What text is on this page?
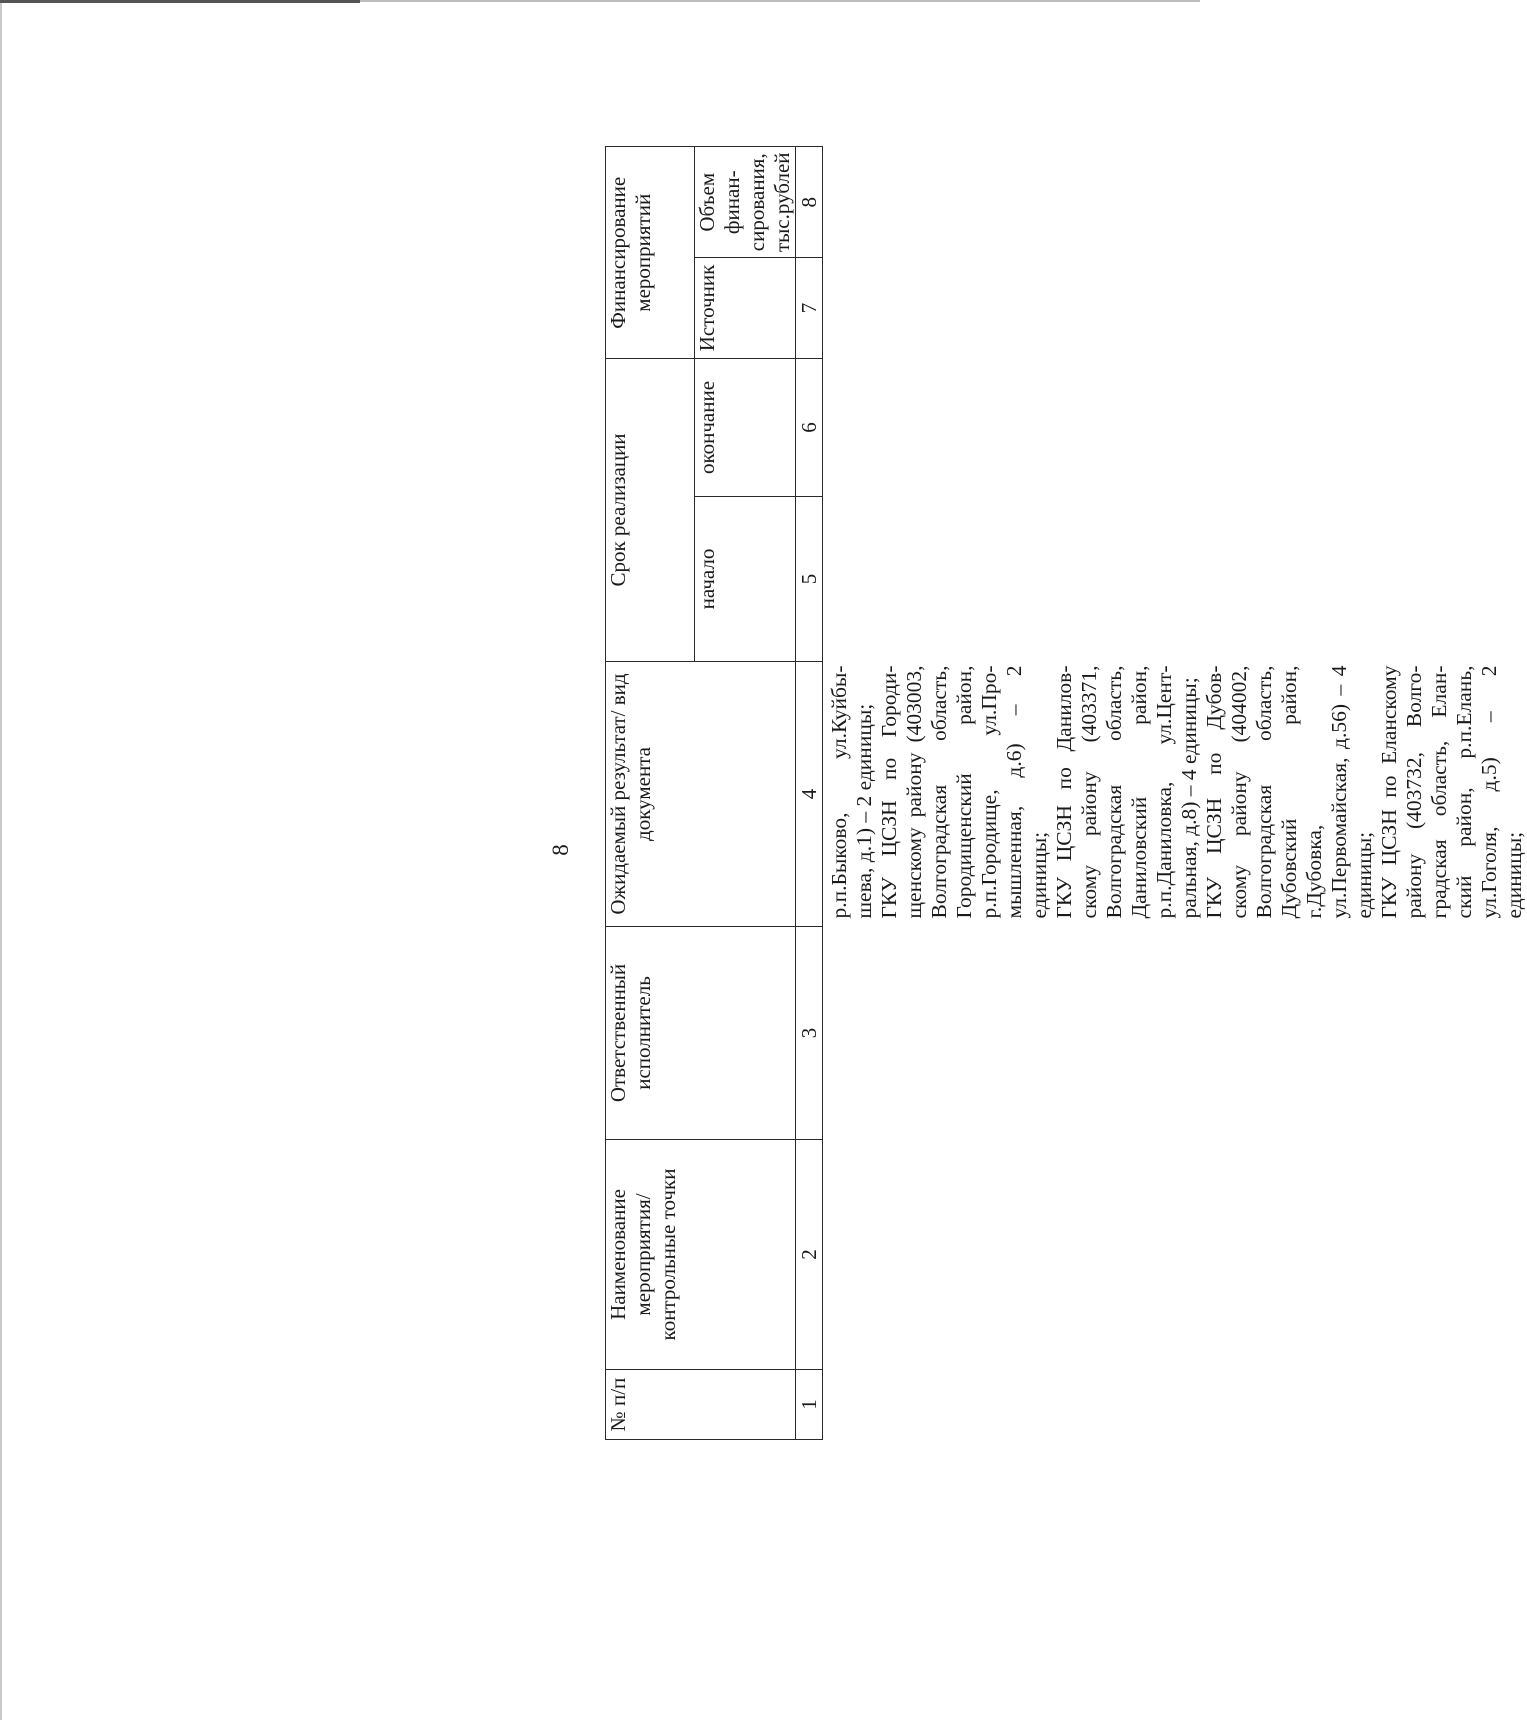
8
№ п/п	Наименование мероприятия/ контрольные точки	Ответственный исполнитель	Ожидаемый результат/ вид документа	Срок реализации		Финансирование мероприятий	
				начало	окончание	Источник	Объем финан-сирования, тыс.рублей
1	2	3	4	5	6	7	8

			р.п.Быково, ул.Куйбы-шева, д.1) – 2 единицы; ГКУ ЦСЗН по Городи-щенскому району (403003, Волгоградская область, Городищенский район, р.п.Городище, ул.Про-мышленная, д.6) – 2 единицы; ГКУ ЦСЗН по Данилов-скому району (403371, Волгоградская область, Даниловский район, р.п.Даниловка, ул.Цент-ральная, д.8) – 4 единицы; ГКУ ЦСЗН по Дубов-скому району (404002, Волгоградская область, Дубовский район, г.Дубовка, ул.Первомайская, д.56) – 4 единицы; ГКУ ЦСЗН по Еланскому району (403732, Волго-градская область, Елан-ский район, р.п.Елань, ул.Гоголя, д.5) – 2 единицы;				
